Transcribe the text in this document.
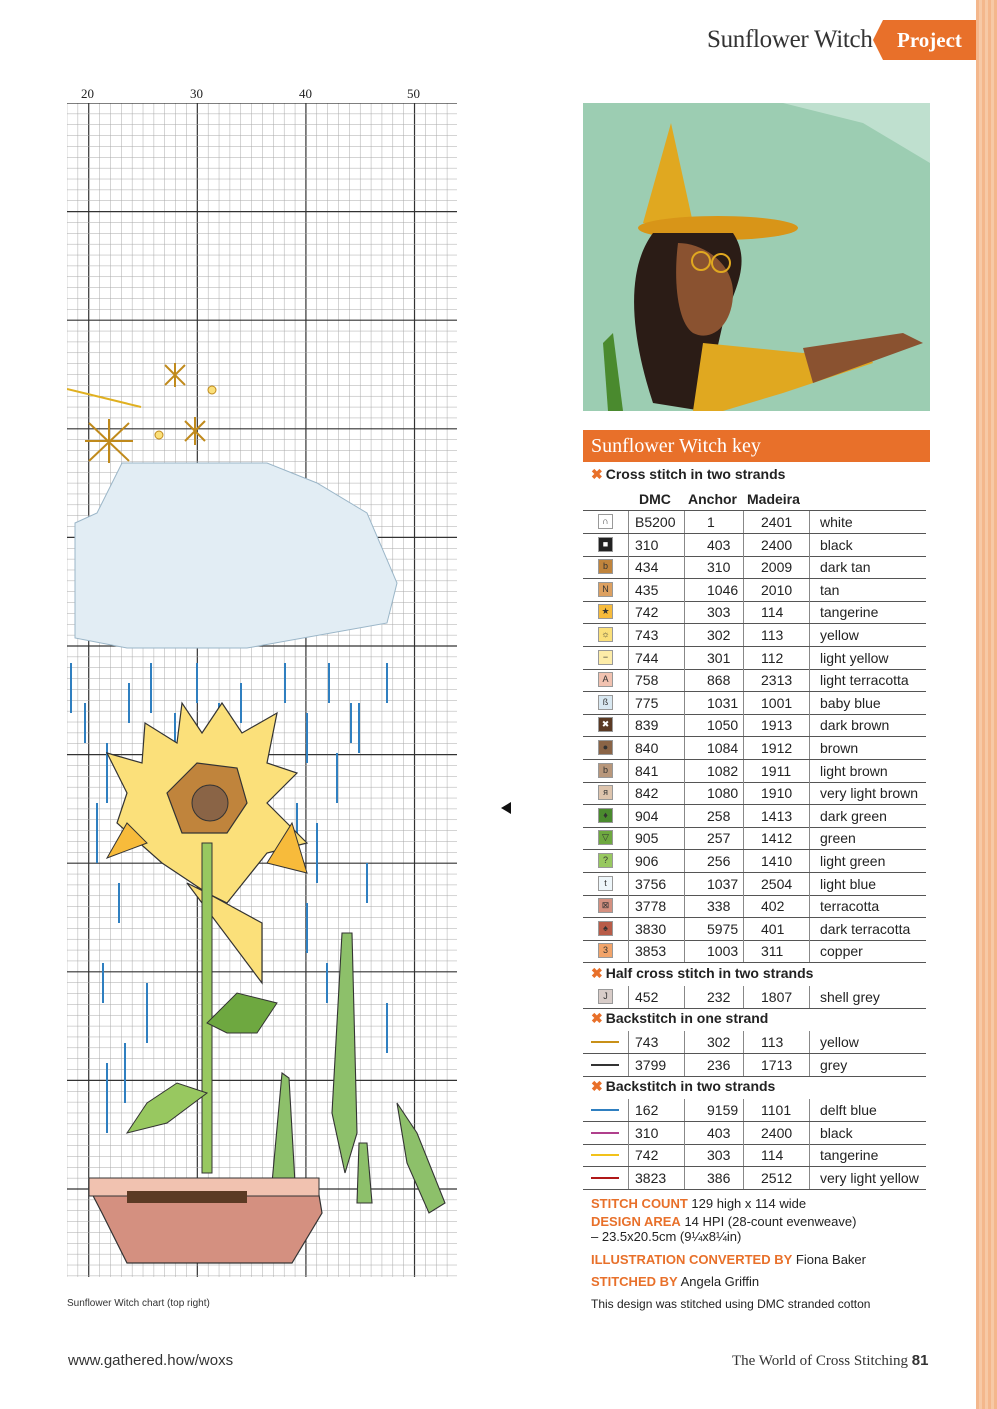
Sunflower Witch	Project
20	30	40	50
Sunflower Witch chart (top right)
Sunflower Witch key
✖ Cross stitch in two strands
DMC Anchor Madeira
∩	B5200 1	2401 white
■	310	403 2400 black
b	434	310 2009 dark tan
N	435	1046 2010 tan
★ 742	303 114	tangerine
☼ 743	302 113	yellow
−	744	301 112	light yellow
A	758	868 2313 light terracotta
ß	775	1031 1001 baby blue
✖ 839	1050 1913 dark brown
●	840	1084 1912 brown
b	841	1082 1911 light brown
я	842	1080 1910 very light brown
♦	904	258 1413 dark green
▽ 905	257 1412 green
?	906	256 1410 light green
t	3756	1037 2504 light blue
⊠ 3778	338 402	terracotta
♠	3830	5975 401	dark terracotta
3	3853	1003 311	copper
✖ Half cross stitch in two strands
J	452	232 1807 shell grey
✖ Backstitch in one strand
743	302 113	yellow
3799	236 1713 grey
✖ Backstitch in two strands
162	9159 1101 delft blue
310	403 2400 black
742	303 114	tangerine
3823	386 2512 very light yellow
STITCH COUNT 129 high x 114 wide
DESIGN AREA 14 HPI (28-count evenweave)
– 23.5x20.5cm (9¼x8¼in)
ILLUSTRATION CONVERTED BY Fiona Baker
STITCHED BY Angela Griffin
This design was stitched using DMC stranded cotton
www.gathered.how/woxs	The World of Cross Stitching 81
